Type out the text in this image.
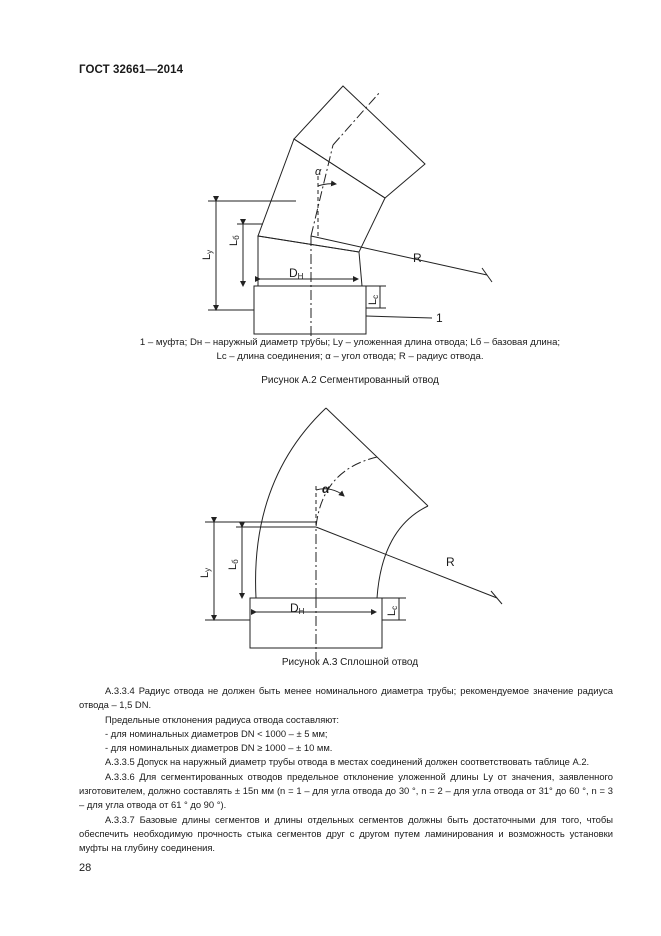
ГОСТ 32661—2014
α
R
DH
Ly
Lб
Lc
1
α
R
DH
Ly Lб
Lc
1 – муфта; Dн – наружный диаметр трубы; Lу – уложенная длина отвода; Lб – базовая длина;
Lс – длина соединения; α – угол отвода; R – радиус отвода.
Рисунок А.2 Сегментированный отвод
Рисунок А.3 Сплошной отвод

А.3.3.4 Радиус отвода не должен быть менее номинального диаметра трубы; рекомендуемое значение радиуса отвода – 1,5 DN.

Предельные отклонения радиуса отвода составляют:

- для номинальных диаметров DN < 1000 – ± 5 мм;

- для номинальных диаметров DN ≥ 1000 – ± 10 мм.

А.3.3.5 Допуск на наружный диаметр трубы отвода в местах соединений должен соответствовать таблице А.2.

А.3.3.6 Для сегментированных отводов предельное отклонение уложенной длины Lу от значения, заявленного изготовителем, должно составлять ± 15n мм (n = 1 – для угла отвода до 30 °, n = 2 – для угла отвода от 31° до 60 °, n = 3 – для угла отвода от 61 ° до 90 °).

А.3.3.7 Базовые длины сегментов и длины отдельных сегментов должны быть достаточными для того, чтобы обеспечить необходимую прочность стыка сегментов друг с другом путем ламинирования и возможность установки муфты на глубину соединения.

28
